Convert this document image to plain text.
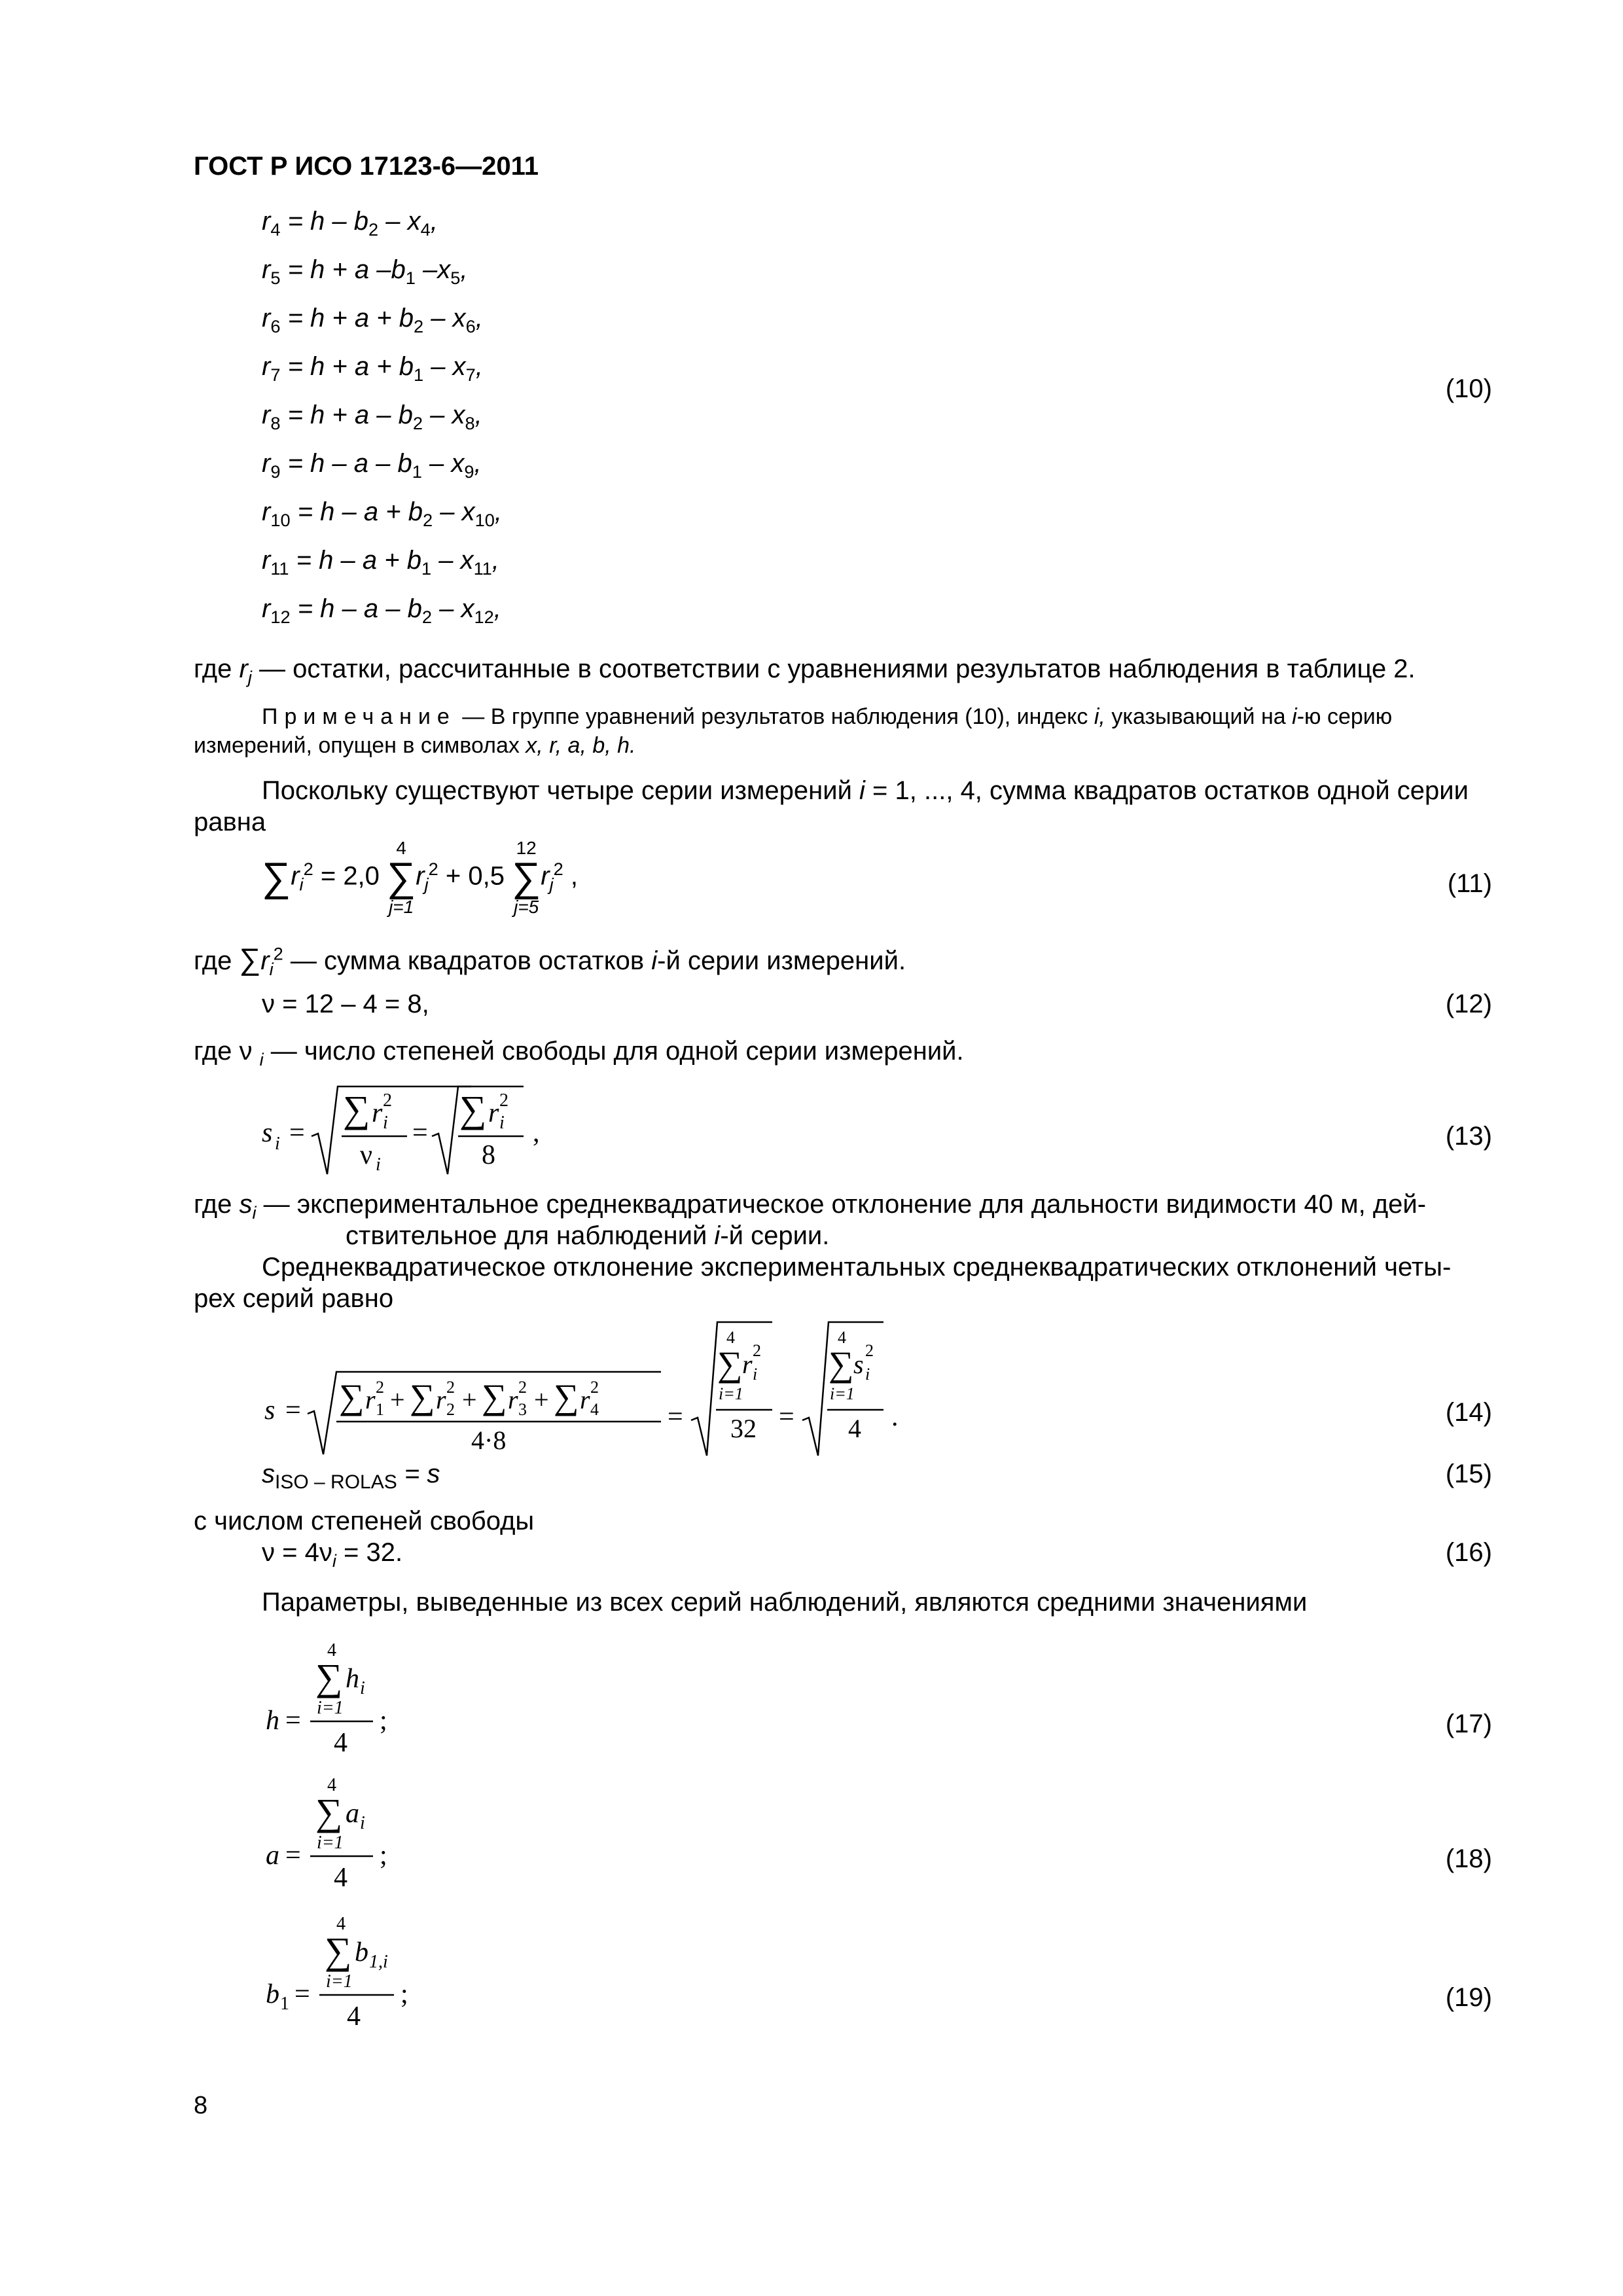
ГОСТ Р ИСО 17123-6—2011
$r_4 = h - b_2 - x_4$,
$r_5 = h + a$ $-b_1$ $-x_5$,
$r_6 = h + a + b_2 - x_6$,
$r_7 = h + a + b_1 - x_7$,
$r_8 = h + a - b_2 - x_8$,
$r_9 = h - a - b_1 - x_9$,
$r_{10} = h - a + b_2 - x_{10}$,
$r_{11} = h - a + b_1 - x_{11}$,
$r_{12} = h - a - b_2 - x_{12}$,
(10)
где $r_j$ — остатки, рассчитанные в соответствии с уравнениями результатов наблюдения в таблице 2.
Примечание — В группе уравнений результатов наблюдения (10), индекс i, указывающий на i-ю серию
измерений, опущен в символах x, r, a, b, h.
Поскольку существуют четыре серии измерений i = 1, ..., 4, сумма квадратов остатков одной серии
равна

∑
$r_i^2 = 2,0$
4
∑
j=1
$r_j^2 + 0,5$
12
∑
j=5
$r_j^2$ ,	(11)
где $\sum r_i^2$ — сумма квадратов остатков i-й серии измерений.
ν = 12 – 4 = 8,	(12)
где ν $_i$ — число степеней свободы для одной серии измерений.
s i =
∑ r i
2
ν i
=
∑ r i
2
8
,	(13)
где $s_i$ — экспериментальное среднеквадратическое отклонение для дальности видимости 40 м, дей-
ствительное для наблюдений i-й серии.
Среднеквадратическое отклонение экспериментальных среднеквадратических отклонений четы-
рех серий равно
s = ∑ r 1
2 + ∑ r 2
2 + ∑ r 3
2 + ∑ r 4
2
4·8
=
4
∑ r i
2
i=1
32 =
4
∑ s i
2
i=1
4 .	(14)
$s_{ISO - ROLAS} = s$	(15)
с числом степеней свободы
$\nu = 4\nu_i = 32$.	(16)
Параметры, выведенные из всех серий наблюдений, являются средними значениями
4
∑ h i
i=1
4
h =	;	(17)
4
∑ a i
i=1
4
a =	;	(18)
4
∑ b 1,i
i=1
4
b 1 =	;	(19)
8
